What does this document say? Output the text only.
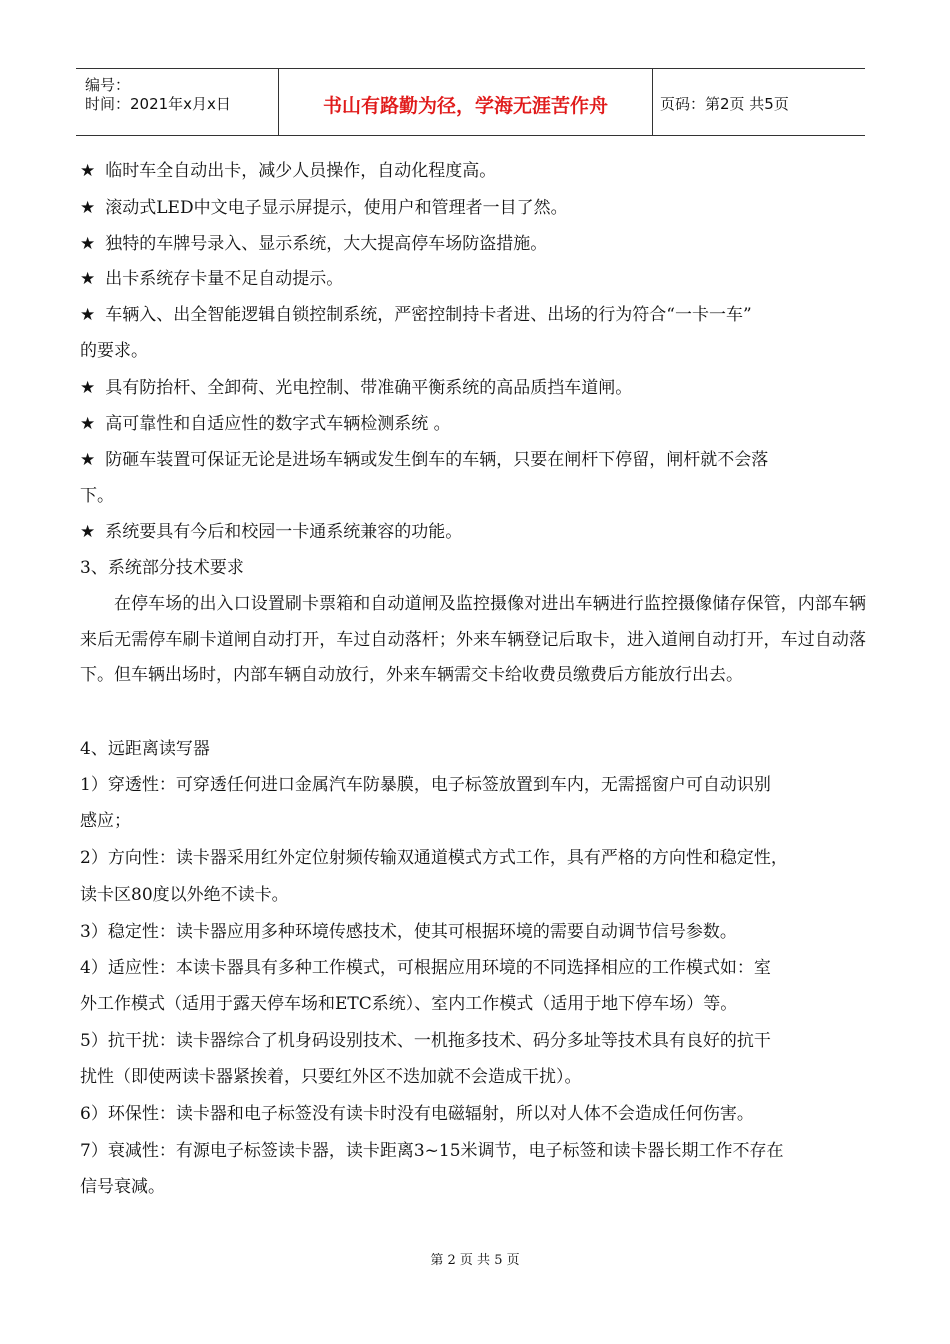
编号：
时间：2021年x月x日	书山有路勤为径，学海无涯苦作舟	页码：第2页 共5页
★ 临时车全自动出卡，减少人员操作，自动化程度高。
★ 滚动式LED中文电子显示屏提示，使用户和管理者一目了然。
★ 独特的车牌号录入、显示系统，大大提高停车场防盗措施。
★ 出卡系统存卡量不足自动提示。
★ 车辆入、出全智能逻辑自锁控制系统，严密控制持卡者进、出场的行为符合“一卡一车”
的要求。
★ 具有防抬杆、全卸荷、光电控制、带准确平衡系统的高品质挡车道闸。
★ 高可靠性和自适应性的数字式车辆检测系统 。
★ 防砸车装置可保证无论是进场车辆或发生倒车的车辆，只要在闸杆下停留，闸杆就不会落
下。
★ 系统要具有今后和校园一卡通系统兼容的功能。
3、系统部分技术要求
在停车场的出入口设置刷卡票箱和自动道闸及监控摄像对进出车辆进行监控摄像储存保管，内部车辆来后无需停车刷卡道闸自动打开，车过自动落杆；外来车辆登记后取卡，进入道闸自动打开，车过自动落下。但车辆出场时，内部车辆自动放行，外来车辆需交卡给收费员缴费后方能放行出去。
4、远距离读写器
1）穿透性：可穿透任何进口金属汽车防暴膜，电子标签放置到车内，无需摇窗户可自动识别
感应；
2）方向性：读卡器采用红外定位射频传输双通道模式方式工作，具有严格的方向性和稳定性，
读卡区80度以外绝不读卡。
3）稳定性：读卡器应用多种环境传感技术，使其可根据环境的需要自动调节信号参数。
4）适应性：本读卡器具有多种工作模式，可根据应用环境的不同选择相应的工作模式如：室
外工作模式（适用于露天停车场和ETC系统）、室内工作模式（适用于地下停车场）等。
5）抗干扰：读卡器综合了机身码设别技术、一机拖多技术、码分多址等技术具有良好的抗干
扰性（即使两读卡器紧挨着，只要红外区不迭加就不会造成干扰）。
6）环保性：读卡器和电子标签没有读卡时没有电磁辐射，所以对人体不会造成任何伤害。
7）衰减性：有源电子标签读卡器，读卡距离3~15米调节，电子标签和读卡器长期工作不存在
信号衰减。
第 2 页 共 5 页
